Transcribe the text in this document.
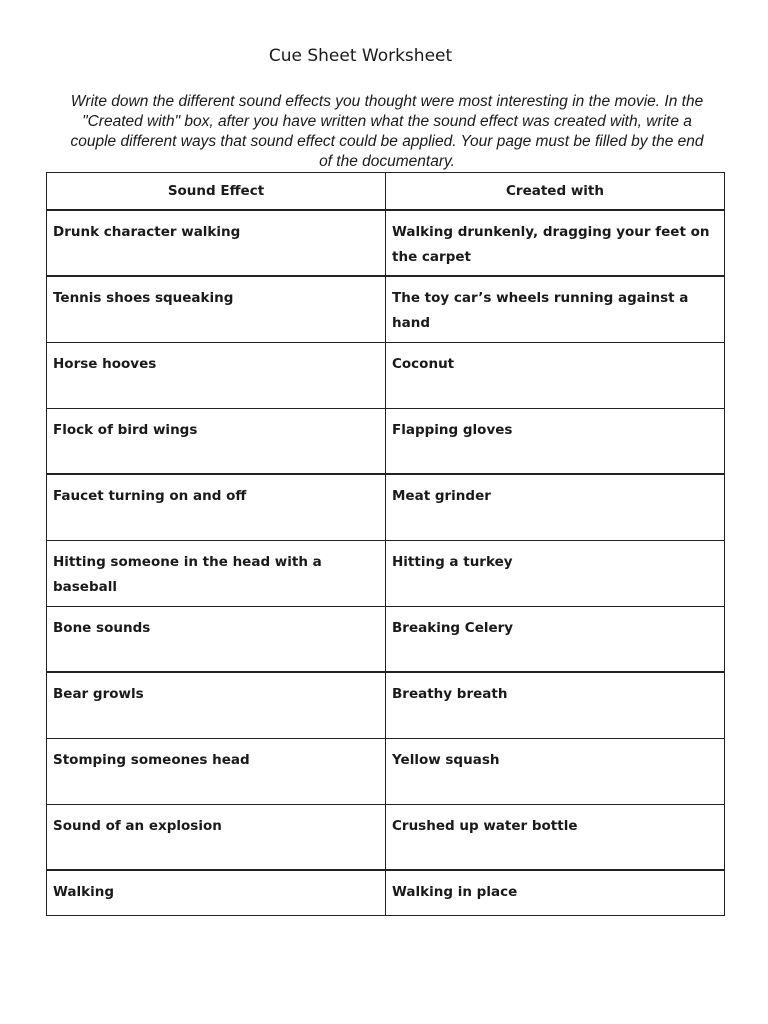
Cue Sheet Worksheet
Write down the different sound effects you thought were most interesting in the movie. In the "Created with" box, after you have written what the sound effect was created with, write a couple different ways that sound effect could be applied. Your page must be filled by the end of the documentary.
Sound Effect	Created with
Drunk character walking	Walking drunkenly, dragging your feet on the carpet
Tennis shoes squeaking	The toy car’s wheels running against a hand
Horse hooves	Coconut
Flock of bird wings	Flapping gloves
Faucet turning on and off	Meat grinder
Hitting someone in the head with a baseball	Hitting a turkey
Bone sounds	Breaking Celery
Bear growls	Breathy breath
Stomping someones head	Yellow squash
Sound of an explosion	Crushed up water bottle
Walking	Walking in place
